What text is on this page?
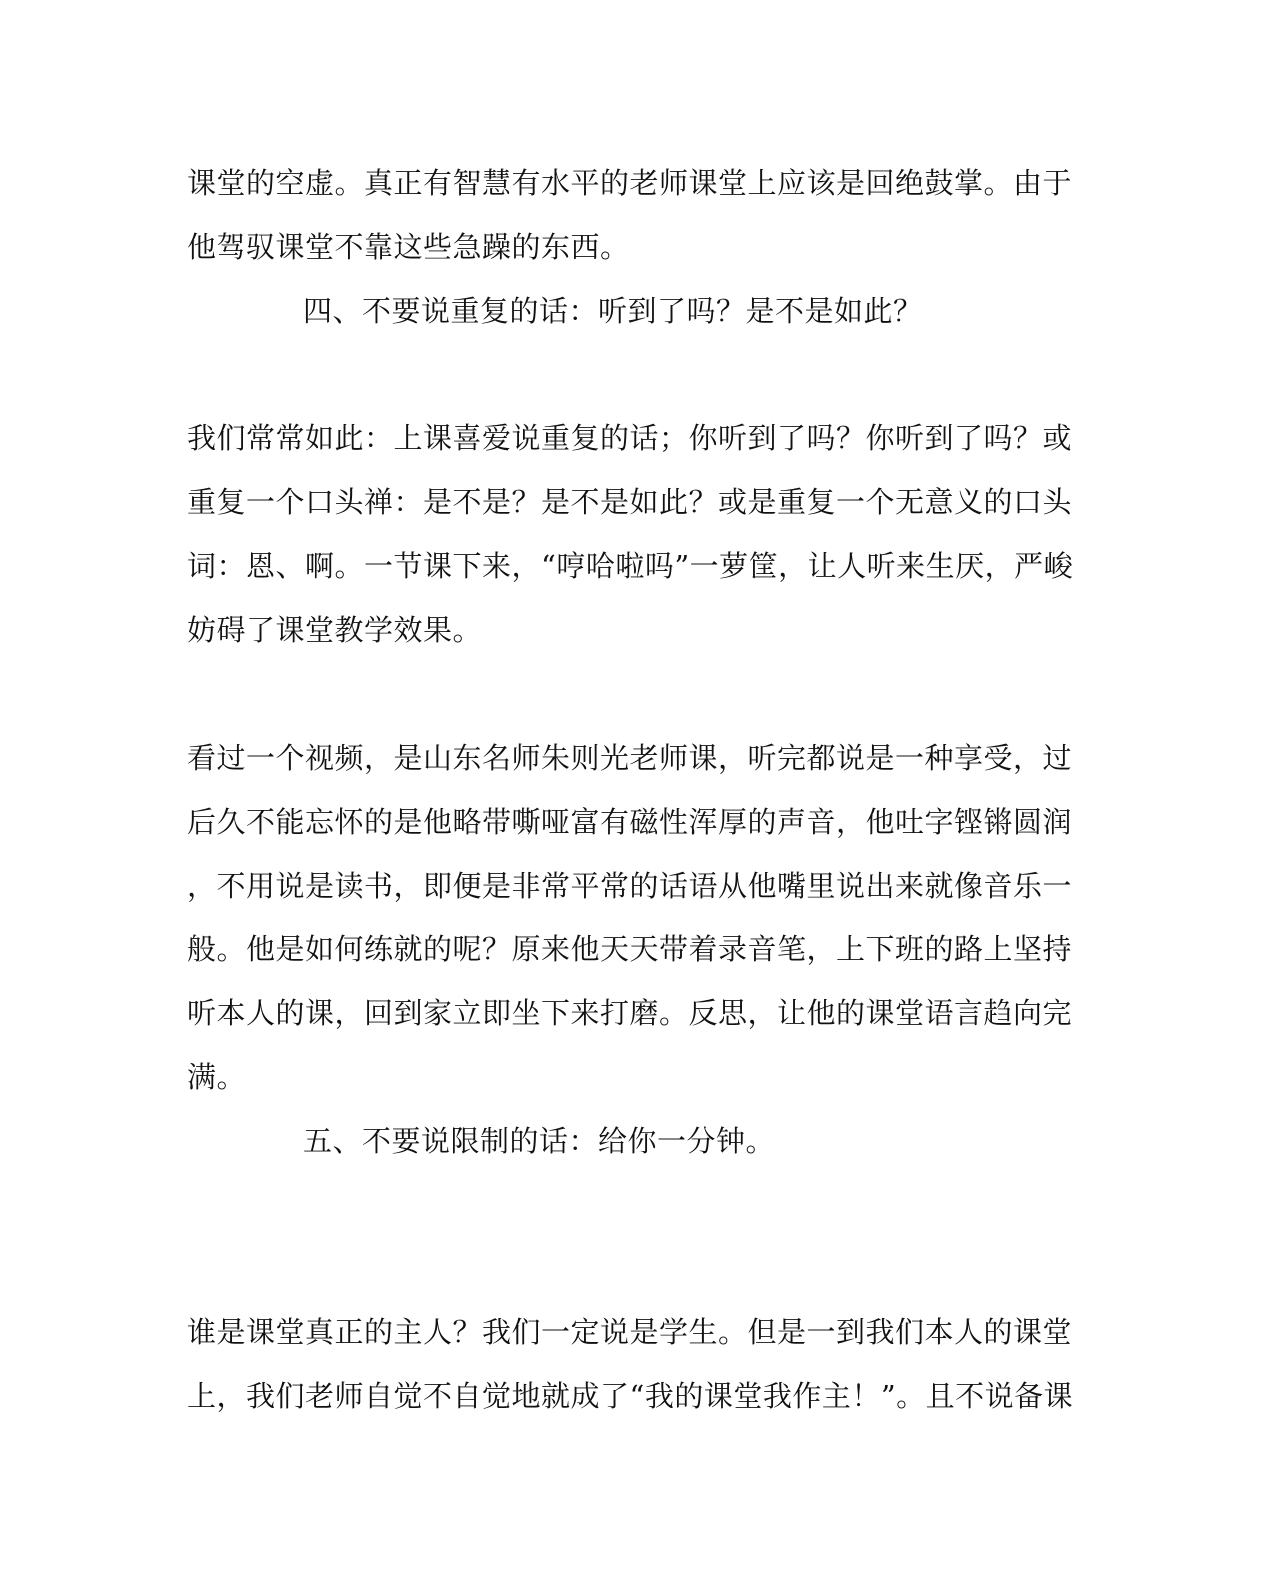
课堂的空虚。真正有智慧有水平的老师课堂上应该是回绝鼓掌。由于
他驾驭课堂不靠这些急躁的东西。
四、不要说重复的话：听到了吗？是不是如此？
我们常常如此：上课喜爱说重复的话；你听到了吗？你听到了吗？或
重复一个口头禅：是不是？是不是如此？或是重复一个无意义的口头
词：恩、啊。一节课下来，“哼哈啦吗”一萝筐，让人听来生厌，严峻
妨碍了课堂教学效果。
看过一个视频，是山东名师朱则光老师课，听完都说是一种享受，过
后久不能忘怀的是他略带嘶哑富有磁性浑厚的声音，他吐字铿锵圆润
，不用说是读书，即便是非常平常的话语从他嘴里说出来就像音乐一
般。他是如何练就的呢？原来他天天带着录音笔，上下班的路上坚持
听本人的课，回到家立即坐下来打磨。反思，让他的课堂语言趋向完
满。
五、不要说限制的话：给你一分钟。
谁是课堂真正的主人？我们一定说是学生。但是一到我们本人的课堂
上，我们老师自觉不自觉地就成了“我的课堂我作主！”。且不说备课
